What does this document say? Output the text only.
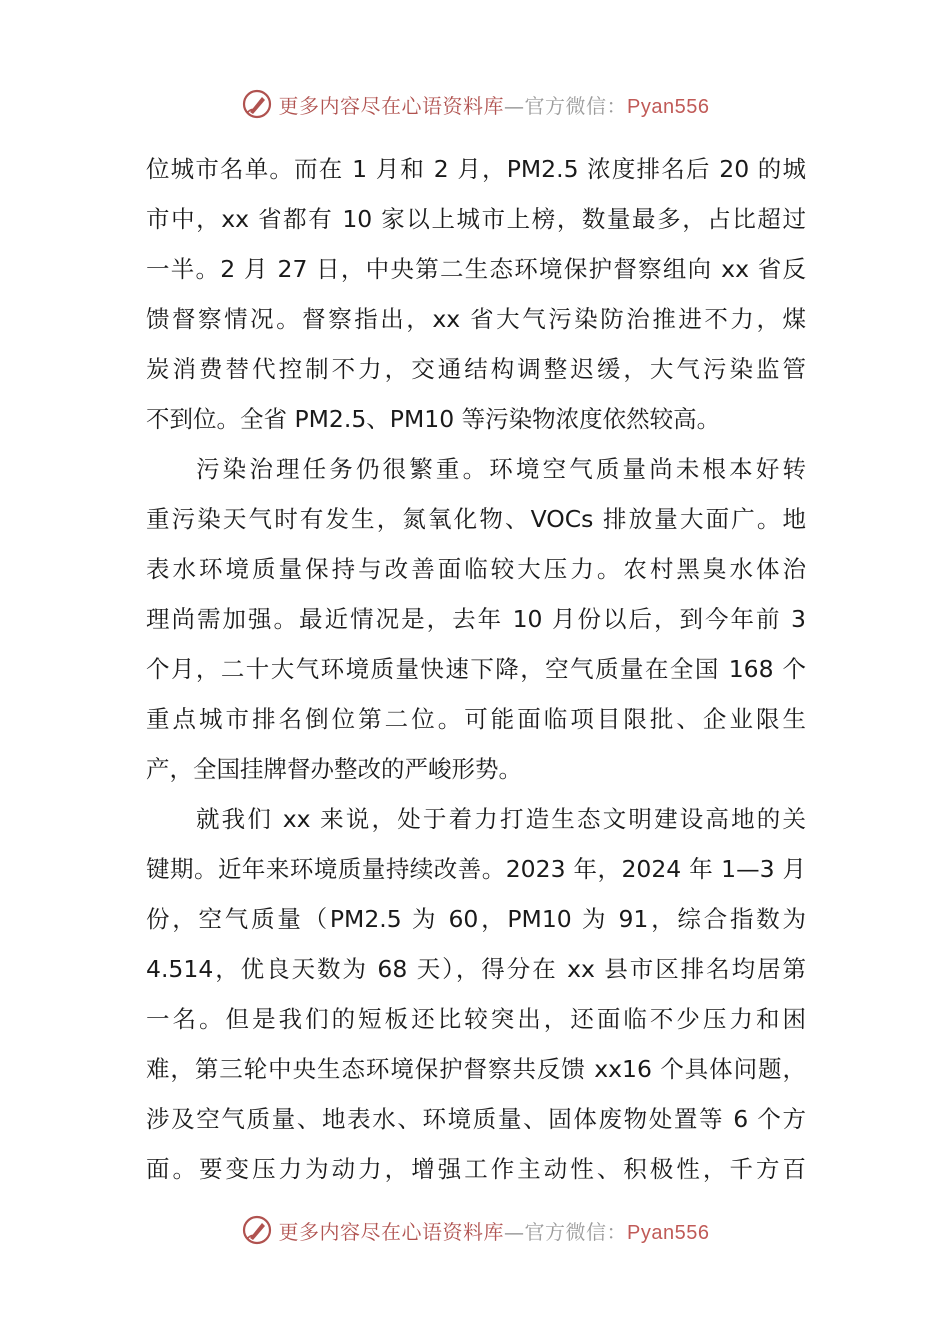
更多内容尽在心语资料库—官方微信：Pyan556
位城市名单。而在 1 月和 2 月，PM2.5 浓度排名后 20 的城
市中，xx 省都有 10 家以上城市上榜，数量最多，占比超过
一半。2 月 27 日，中央第二生态环境保护督察组向 xx 省反
馈督察情况。督察指出，xx 省大气污染防治推进不力，煤
炭消费替代控制不力，交通结构调整迟缓，大气污染监管
不到位。全省 PM2.5、PM10 等污染物浓度依然较高。
污染治理任务仍很繁重。环境空气质量尚未根本好转
重污染天气时有发生，氮氧化物、VOCs 排放量大面广。地
表水环境质量保持与改善面临较大压力。农村黑臭水体治
理尚需加强。最近情况是，去年 10 月份以后，到今年前 3
个月，二十大气环境质量快速下降，空气质量在全国 168 个
重点城市排名倒位第二位。可能面临项目限批、企业限生
产，全国挂牌督办整改的严峻形势。
就我们 xx 来说，处于着力打造生态文明建设高地的关
键期。近年来环境质量持续改善。2023 年，2024 年 1—3 月
份，空气质量（PM2.5 为 60，PM10 为 91，综合指数为
4.514，优良天数为 68 天），得分在 xx 县市区排名均居第
一名。但是我们的短板还比较突出，还面临不少压力和困
难，第三轮中央生态环境保护督察共反馈 xx16 个具体问题，
涉及空气质量、地表水、环境质量、固体废物处置等 6 个方
面。要变压力为动力，增强工作主动性、积极性，千方百
更多内容尽在心语资料库—官方微信：Pyan556
